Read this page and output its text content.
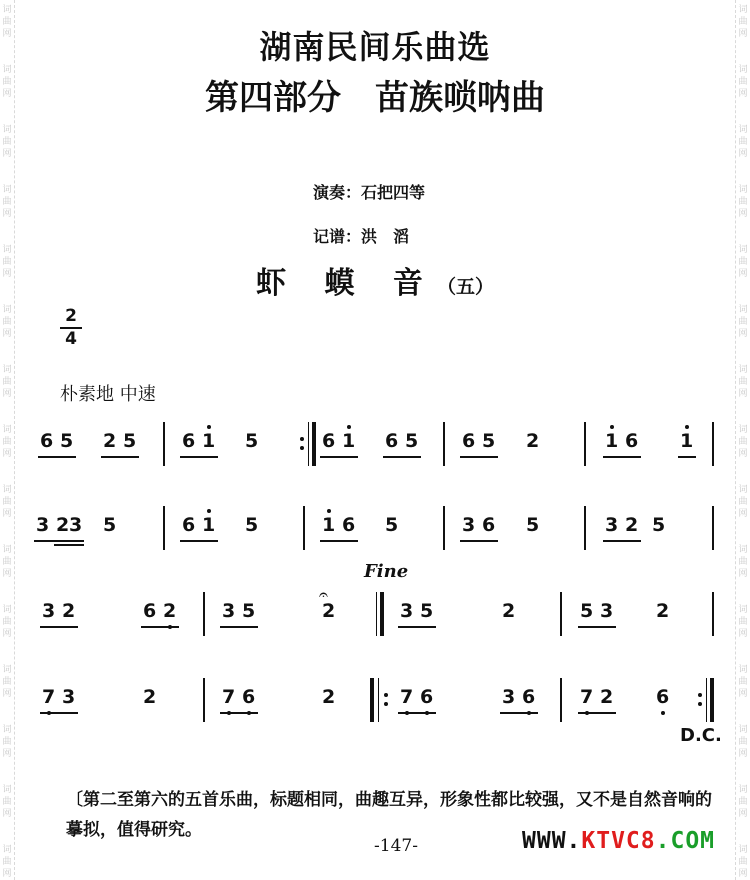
词曲网
词曲网
词曲网
词曲网
词曲网
词曲网
词曲网
词曲网
词曲网
词曲网
词曲网
词曲网
词曲网
词曲网
词曲网
词曲网
词曲网
词曲网
词曲网
词曲网
词曲网
词曲网
词曲网
词曲网
词曲网
词曲网
词曲网
词曲网
词曲网
词曲网
湖南民间乐曲选
第四部分　苗族唢呐曲
演奏：石把四等
记谱：洪　滔
虾 蟆 音（五）
2
4
朴素地 中速
6 5 2 5 6 1 5	6 1 6 5 6 5 2	1 6 1
3 2 3 5	6 1 5	1 6 5	3 6 5	3 2 5
Fine
𝄐
3 2	6 2 3 5	2	3 5	2	5 3 2
7 3	2	7 6	2	7 6	3 6 7 2 6
D.C.

〔第二至第六的五首乐曲，标题相同，曲趣互异，形象性都比较强，又不是自然音响的摹拟，值得研究。

-147-	WWW.KTVC8.COM
